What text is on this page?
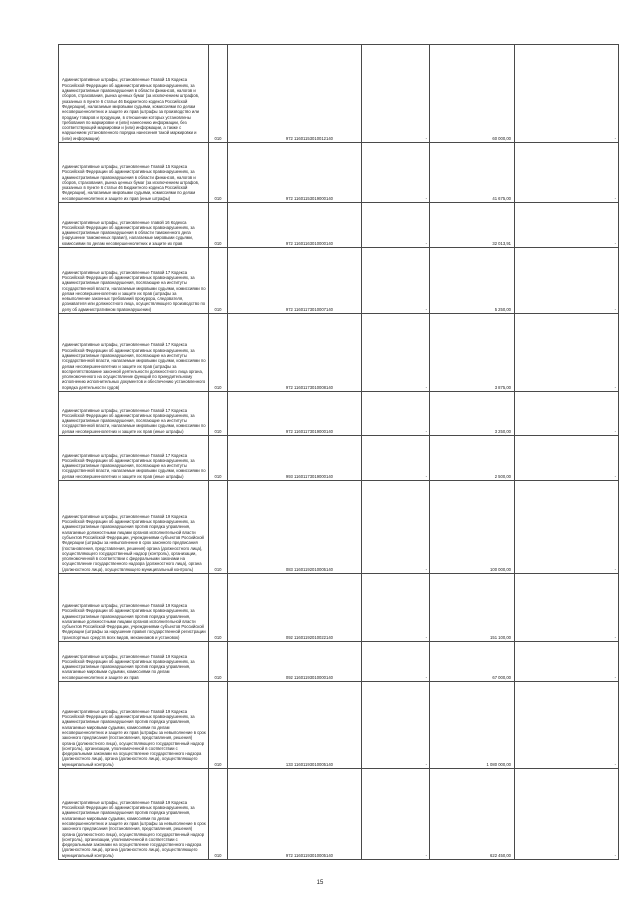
Административные штрафы, установленные Главой 15 Кодекса Российской Федерации об административных правонарушениях, за административные правонарушения в области финансов, налогов и сборов, страхования, рынка ценных бумаг (за исключением штрафов, указанных в пункте 6 статьи 46 Бюджетного кодекса Российской Федерации), налагаемые мировыми судьями, комиссиями по делам несовершеннолетних и защите их прав (штрафы за производство или продажу товаров и продукции, в отношении которых установлены требования по маркировке и (или) нанесению информации, без соответствующей маркировки и (или) информации, а также с нарушением установленного порядка нанесения такой маркировки и (или) информации)	010	972 11601153010012140	-	60 000,00	-
Административные штрафы, установленные Главой 15 Кодекса Российской Федерации об административных правонарушениях, за административные правонарушения в области финансов, налогов и сборов, страхования, рынка ценных бумаг (за исключением штрафов, указанных в пункте 6 статьи 46 Бюджетного кодекса Российской Федерации), налагаемые мировыми судьями, комиссиями по делам несовершеннолетних и защите их прав (иные штрафы)	010	972 11601153019000140	-	41 675,00	-
Административные штрафы, установленные главой 16 Кодекса Российской Федерации об административных правонарушениях, за административные правонарушения в области таможенного дела (нарушение таможенных правил), налагаемые мировыми судьями, комиссиями по делам несовершеннолетних и защите их прав	010	972 11601163010000140	-	32 013,91	-
Административные штрафы, установленные Главой 17 Кодекса Российской Федерации об административных правонарушениях, за административные правонарушения, посягающие на институты государственной власти, налагаемые мировыми судьями, комиссиями по делам несовершеннолетних и защите их прав (штрафы за невыполнение законных требований прокурора, следователя, дознавателя или должностного лица, осуществляющего производство по делу об административном правонарушении)	010	972 11601173010007140	-	5 250,00	-
Административные штрафы, установленные Главой 17 Кодекса Российской Федерации об административных правонарушениях, за административные правонарушения, посягающие на институты государственной власти, налагаемые мировыми судьями, комиссиями по делам несовершеннолетних и защите их прав (штрафы за воспрепятствование законной деятельности должностного лица органа, уполномоченного на осуществление функций по принудительному исполнению исполнительных документов и обеспечению установленного порядка деятельности судов)	010	972 11601173010008140	-	3 875,00	-
Административные штрафы, установленные Главой 17 Кодекса Российской Федерации об административных правонарушениях, за административные правонарушения, посягающие на институты государственной власти, налагаемые мировыми судьями, комиссиями по делам несовершеннолетних и защите их прав (иные штрафы)	010	972 11601173019000140	-	3 250,00	-
Административные штрафы, установленные Главой 17 Кодекса Российской Федерации об административных правонарушениях, за административные правонарушения, посягающие на институты государственной власти, налагаемые мировыми судьями, комиссиями по делам несовершеннолетних и защите их прав (иные штрафы)	010	993 11601173019000140	-	2 500,00	-
Административные штрафы, установленные Главой 19 Кодекса Российской Федерации об административных правонарушениях, за административные правонарушения против порядка управления, налагаемые должностными лицами органов исполнительной власти субъектов Российской Федерации, учреждениями субъектов Российской Федерации (штрафы за невыполнение в срок законного предписания (постановления, представления, решения) органа (должностного лица), осуществляющего государственный надзор (контроль), организации, уполномоченной в соответствии с федеральными законами на осуществление государственного надзора (должностного лица), органа (должностного лица), осуществляющего муниципальный контроль)	010	083 11601192010005140	-	100 000,00	-
Административные штрафы, установленные Главой 19 Кодекса Российской Федерации об административных правонарушениях, за административные правонарушения против порядка управления, налагаемые должностными лицами органов исполнительной власти субъектов Российской Федерации, учреждениями субъектов Российской Федерации (штрафы за нарушение правил государственной регистрации транспортных средств всех видов, механизмов и установок)	010	092 11601192010022140	-	151 100,00	-
Административные штрафы, установленные Главой 19 Кодекса Российской Федерации об административных правонарушениях, за административные правонарушения против порядка управления, налагаемые мировыми судьями, комиссиями по делам несовершеннолетних и защите их прав	010	092 11601193010000140	-	67 000,00	-
Административные штрафы, установленные Главой 19 Кодекса Российской Федерации об административных правонарушениях, за административные правонарушения против порядка управления, налагаемые мировыми судьями, комиссиями по делам несовершеннолетних и защите их прав (штрафы за невыполнение в срок законного предписания (постановления, представления, решения) органа (должностного лица), осуществляющего государственный надзор (контроль), организации, уполномоченной в соответствии с федеральными законами на осуществление государственного надзора (должностного лица), органа (должностного лица), осуществляющего муниципальный контроль)	010	133 11601193010005140	-	1 080 000,00	-
Административные штрафы, установленные Главой 19 Кодекса Российской Федерации об административных правонарушениях, за административные правонарушения против порядка управления, налагаемые мировыми судьями, комиссиями по делам несовершеннолетних и защите их прав (штрафы за невыполнение в срок законного предписания (постановления, представления, решения) органа (должностного лица), осуществляющего государственный надзор (контроль), организации, уполномоченной в соответствии с федеральными законами на осуществление государственного надзора (должностного лица), органа (должностного лица), осуществляющего муниципальный контроль)	010	972 11601193010005140	-	622 450,00	-
15
